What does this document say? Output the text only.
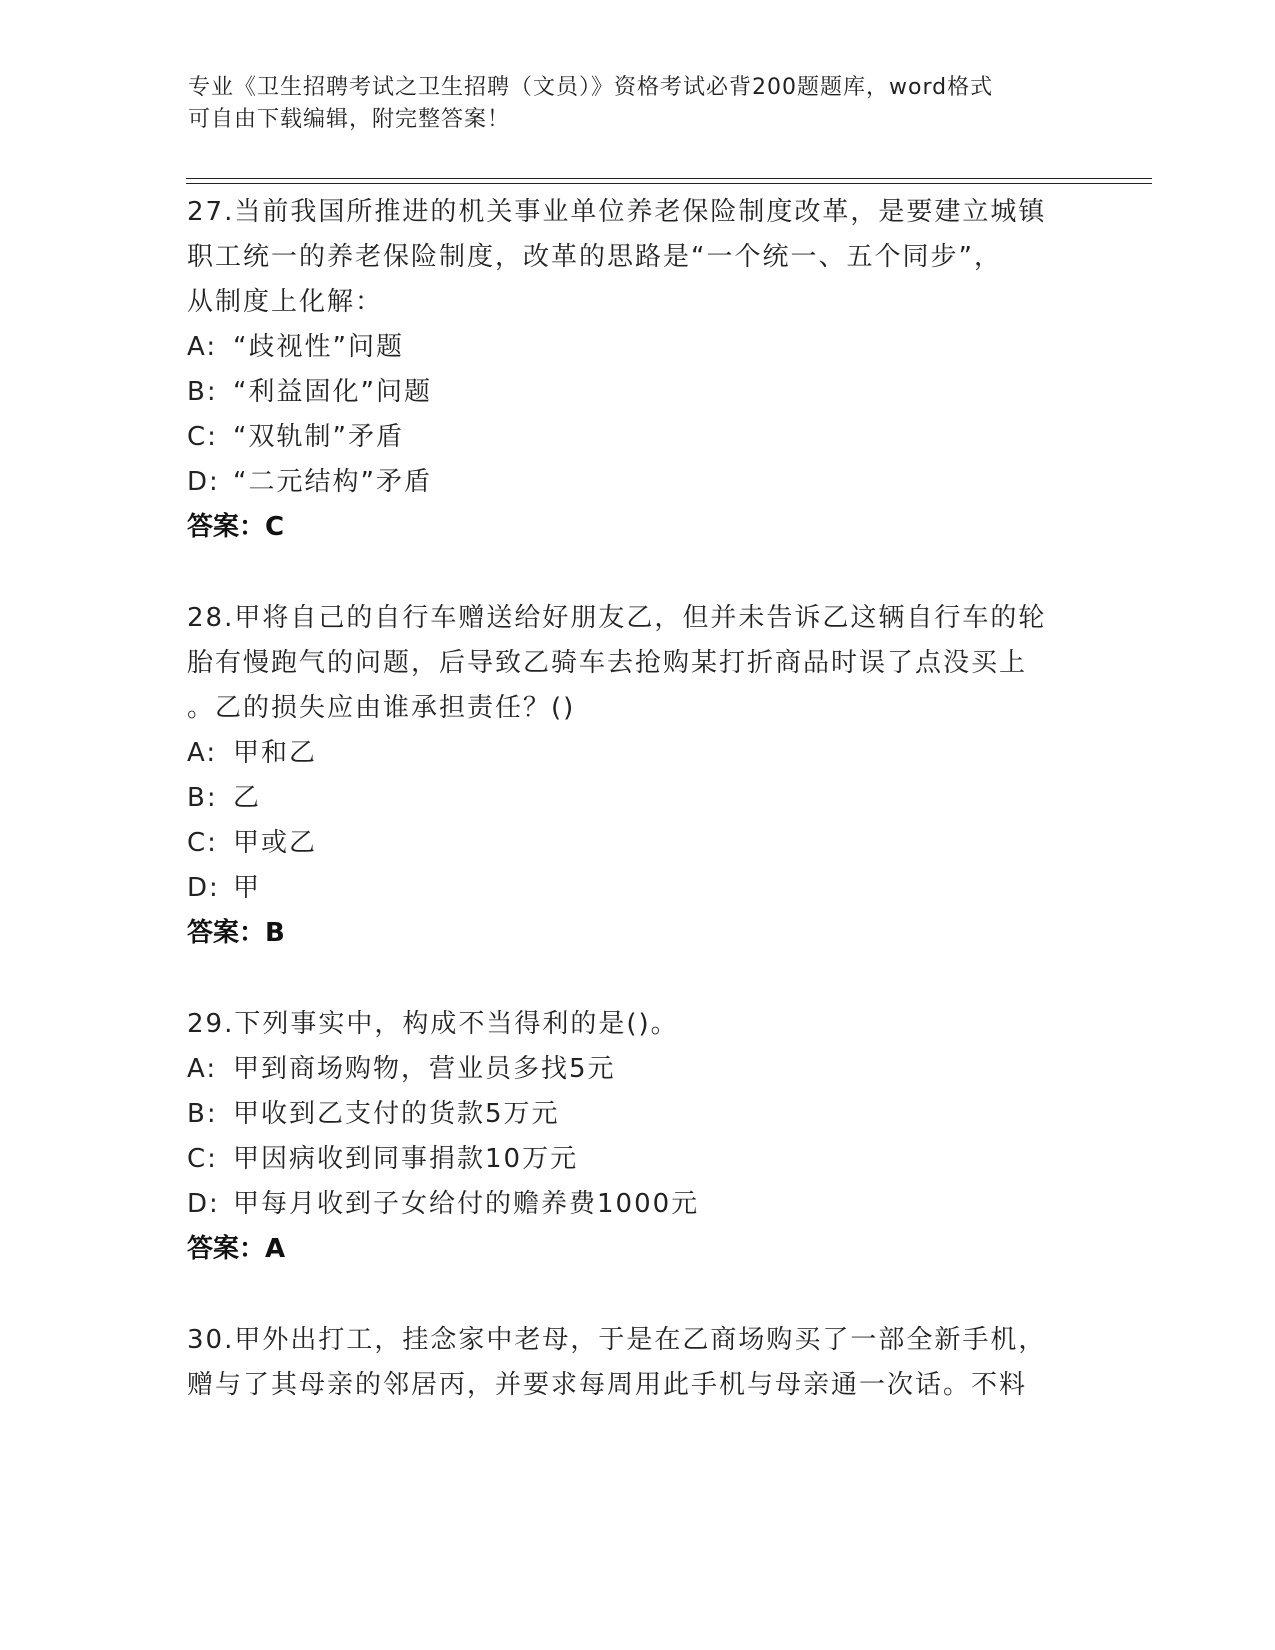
专业《卫生招聘考试之卫生招聘（文员）》资格考试必背200题题库，word格式
可自由下载编辑，附完整答案！
27.当前我国所推进的机关事业单位养老保险制度改革，是要建立城镇
职工统一的养老保险制度，改革的思路是“一个统一、五个同步”，
从制度上化解：
A: “歧视性”问题
B: “利益固化”问题
C: “双轨制”矛盾
D: “二元结构”矛盾
答案：C
28.甲将自己的自行车赠送给好朋友乙，但并未告诉乙这辆自行车的轮
胎有慢跑气的问题，后导致乙骑车去抢购某打折商品时误了点没买上
。乙的损失应由谁承担责任？()
A: 甲和乙
B: 乙
C: 甲或乙
D: 甲
答案：B
29.下列事实中，构成不当得利的是()。
A: 甲到商场购物，营业员多找5元
B: 甲收到乙支付的货款5万元
C: 甲因病收到同事捐款10万元
D: 甲每月收到子女给付的赡养费1000元
答案：A
30.甲外出打工，挂念家中老母，于是在乙商场购买了一部全新手机，
赠与了其母亲的邻居丙，并要求每周用此手机与母亲通一次话。不料
